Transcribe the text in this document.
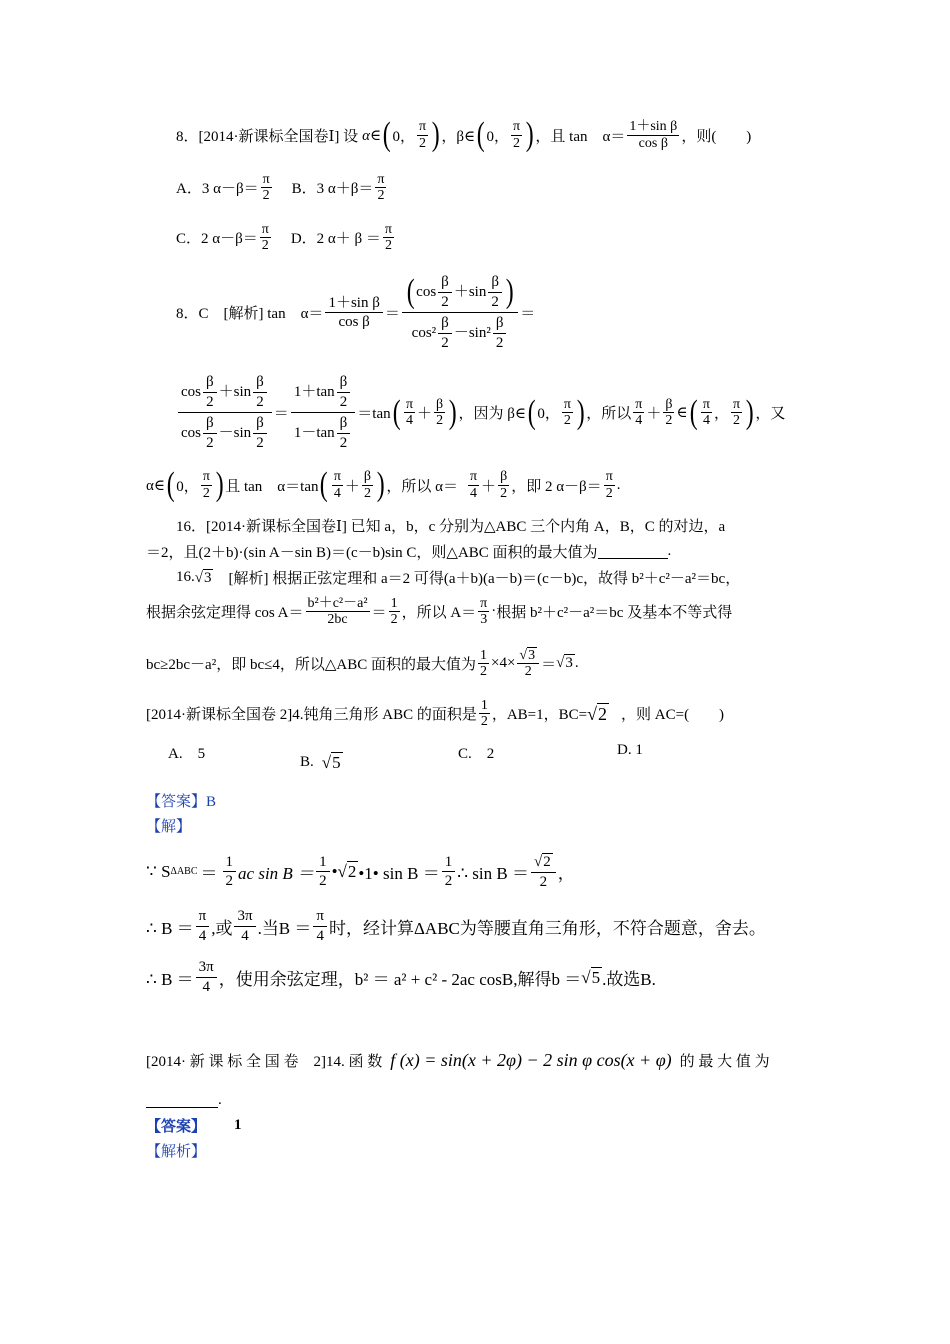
8．[2014·新课标全国卷Ⅰ] 设 α∈ ( 0， $\frac{\pi}{2}$ ) ，β∈ ( 0， $\frac{\pi}{2}$ ) ，且 tan　$\alpha= \frac{\text{1＋sin β}}{\text{cos β}}$ ，则(　　)
A．3 $\alpha-\beta= \frac{\pi}{2}$ B．3 $\alpha+\beta= \frac{\pi}{2}$
C．2 $\alpha-\beta= \frac{\pi}{2}$ D．2 $\alpha+ \beta = \frac{\pi}{2}$
8．C　[解析] tan　$\alpha= \frac{\text{1＋sin β}}{\text{cos β}} = \frac{( \cos \frac{\beta}{2} +\sin \frac{\beta}{2} )}{\cos^2 \frac{\beta}{2} -\sin^2 \frac{\beta}{2}}$ ＝
$\frac{\cos \frac{\beta}{2} +\sin \frac{\beta}{2}}{\cos \frac{\beta}{2} -\sin \frac{\beta}{2}} = \frac{1+\tan \frac{\beta}{2}}{1-\tan \frac{\beta}{2}} =\tan$ ( $\frac{\pi}{4} + \frac{\beta}{2}$ ) ，因为 β∈ ( 0， $\frac{\pi}{2}$ ) ，所以 $\frac{\pi}{4} + \frac{\beta}{2}$ ∈ ( $\frac{\pi}{4}$ ， $\frac{\pi}{2}$ ) ，又
α∈ ( 0， $\frac{\pi}{2}$ ) 且 tan　α＝tan ( $\frac{\pi}{4} + \frac{\beta}{2}$ ) ，所以 $\alpha= \frac{\pi}{4} + \frac{\beta}{2}$ ，即 2 $\alpha-\beta= \frac{\pi}{2}$ .
16．[2014·新课标全国卷Ⅰ] 已知 a，b，c 分别为△ABC 三个内角 A，B，C 的对边，a
＝2，且(2＋b)·(sin A－sin B)＝(c－b)sin C，则△ABC 面积的最大值为	.
16. √ 3 　[解析] 根据正弦定理和 a＝2 可得(a＋b)(a－b)＝(c－b)c，故得 b²＋c²－a²＝bc，
根据余弦定理得 $\cos A= \frac{\text{b²＋c²－a²}}{2bc} = \frac{1}{2}$ ，所以 $A= \frac{\pi}{3}$ · 根据 b²＋c²－a²＝bc 及基本不等式得
bc≥2bc－a²，即 bc≤4，所以△ABC 面积的最大值为 $\frac{1}{2} \times 4\times \frac{√ 3}{2}$ ＝ √ 3 .
[2014·新课标全国卷 2]4.钝角三角形 ABC 的面积是 $\frac{1}{2}$ ，AB=1，BC= √ 2 ，则 AC=(　　)
A.　5	B. √ 5	C.　2	D. 1
【答案】B
【解】
∵ S $\Delta ABC = \frac{1}{2}$ ac $\sin B = \frac{1}{2}$ • √ 2 •1• $\sin B = \frac{1}{2}$ ∴ $\sin B = \frac{√ 2}{2}$ ，
∴ $B = \frac{\pi}{4}$ ,或 $\frac{3\pi}{4}$ .当$B = \frac{\pi}{4}$ 时，经计算ΔABC为等腰直角三角形，不符合题意，舍去。
∴ $B = \frac{3\pi}{4}$ ，使用余弦定理，b² ＝ a² + c² - 2ac cosB,解得b ＝ √ 5 .故选B.
[2014· 新 课 标 全 国 卷　2]14. 函 数 f (x) = sin(x + 2φ) − 2 sin φ cos(x + φ) 的 最 大 值 为
.
【答案】 1
【解析】
